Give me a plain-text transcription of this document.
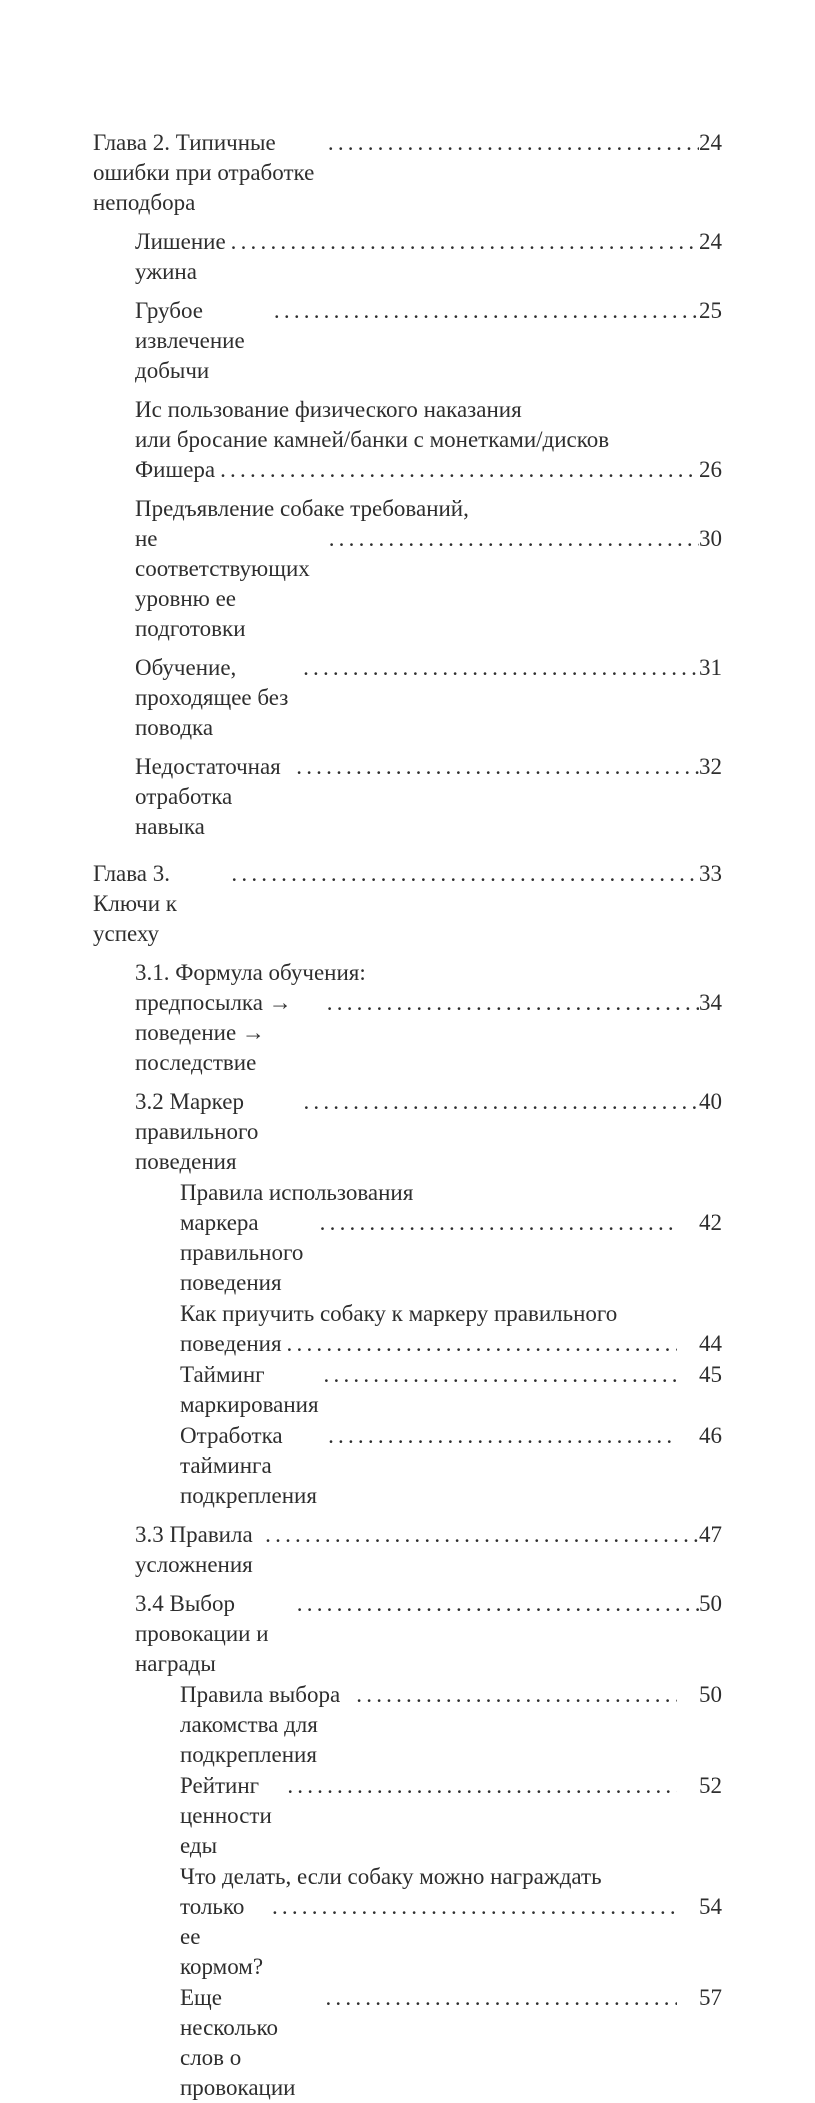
Глава 2. Типичные ошибки при отработке неподбора
.....
24
Лишение ужина
.....
24
Грубое извлечение добычи
.....
25
Ис пользование физического наказания
или бросание камней/банки с монетками/дисков
Фишера .....	26
Предъявление собаке требований,
не соответствующих уровню ее подготовки
.....
30
Обучение, проходящее без поводка
.....
31
Недостаточная отработка навыка
.....
32
Глава 3. Ключи к успеху
.....
33
3.1. Формула обучения:
предпосылка → поведение → последствие
.....
34
3.2 Маркер правильного поведения
.....
40
Правила использования
маркера правильного поведения
.....
42
Как приучить собаку к маркеру правильного
поведения .....	44
Тайминг маркирования
.....
45
Отработка тайминга подкрепления
.....
46
3.3 Правила усложнения
.....
47
3.4 Выбор провокации и награды
.....
50
Правила выбора лакомства для подкрепления
.....
50
Рейтинг ценности еды
.....
52
Что делать, если собаку можно награждать
только ее кормом?
.....
54
Еще несколько слов о провокации
.....
57
